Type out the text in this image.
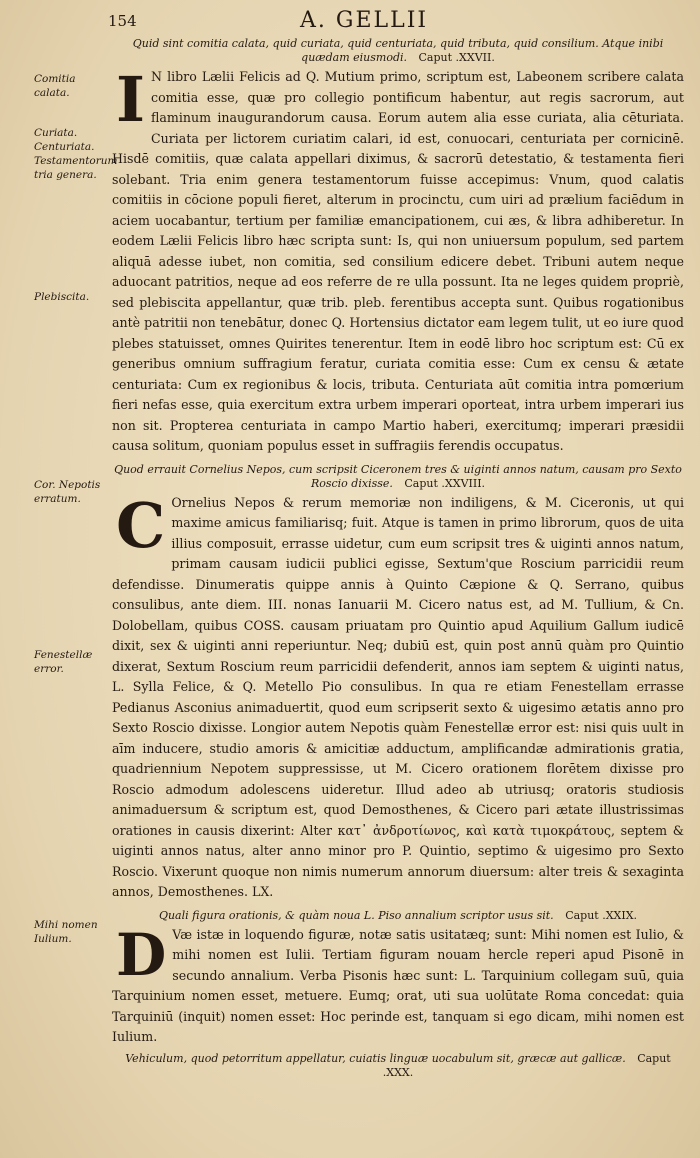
154	A. GELLII
Comitia calata.
Curiata. Centuriata. Testamentorum tria genera.
Plebiscita.
Cor. Nepotis erratum.
Fenestellæ error.
Mihi nomen Iulium.
Quid sint comitia calata, quid curiata, quid centuriata, quid tributa, quid consilium. Atque inibi quædam eiusmodi. Caput .XXVII.
I N libro Lælii Felicis ad Q. Mutium primo, scriptum est, Labeonem scribere calata comitia esse, quæ pro collegio pontificum habentur, aut regis sacrorum, aut flaminum inaugurandorum causa. Eorum autem alia esse curiata, alia cēturiata. Curiata per lictorem curiatim calari, id est, conuocari, centuriata per cornicinē. Hisdē comitiis, quæ calata appellari diximus, & sacrorū detestatio, & testamenta fieri solebant. Tria enim genera testamentorum fuisse accepimus: Vnum, quod calatis comitiis in cōcione populi fieret, alterum in procinctu, cum uiri ad prælium faciēdum in aciem uocabantur, tertium per familiæ emancipationem, cui æs, & libra adhiberetur. In eodem Lælii Felicis libro hæc scripta sunt: Is, qui non uniuersum populum, sed partem aliquā adesse iubet, non comitia, sed consilium edicere debet. Tribuni autem neque aduocant patritios, neque ad eos referre de re ulla possunt. Ita ne leges quidem propriè, sed plebiscita appellantur, quæ trib. pleb. ferentibus accepta sunt. Quibus rogationibus antè patritii non tenebātur, donec Q. Hortensius dictator eam legem tulit, ut eo iure quod plebes statuisset, omnes Quirites tenerentur. Item in eodē libro hoc scriptum est: Cū ex generibus omnium suffragium feratur, curiata comitia esse: Cum ex censu & ætate centuriata: Cum ex regionibus & locis, tributa. Centuriata aūt comitia intra pomœrium fieri nefas esse, quia exercitum extra urbem imperari oporteat, intra urbem imperari ius non sit. Propterea centuriata in campo Martio haberi, exercitumq; imperari præsidii causa solitum, quoniam populus esset in suffragiis ferendis occupatus.
Quod errauit Cornelius Nepos, cum scripsit Ciceronem tres & uiginti annos natum, causam pro Sexto Roscio dixisse. Caput .XXVIII.
C Ornelius Nepos & rerum memoriæ non indiligens, & M. Ciceronis, ut qui maxime amicus familiarisq; fuit. Atque is tamen in primo librorum, quos de uita illius composuit, errasse uidetur, cum eum scripsit tres & uiginti annos natum, primam causam iudicii publici egisse, Sextum'que Roscium parricidii reum defendisse. Dinumeratis quippe annis à Quinto Cæpione & Q. Serrano, quibus consulibus, ante diem. III. nonas Ianuarii M. Cicero natus est, ad M. Tullium, & Cn. Dolobellam, quibus COSS. causam priuatam pro Quintio apud Aquilium Gallum iudicē dixit, sex & uiginti anni reperiuntur. Neq; dubiū est, quin post annū quàm pro Quintio dixerat, Sextum Roscium reum parricidii defenderit, annos iam septem & uiginti natus, L. Sylla Felice, & Q. Metello Pio consulibus. In qua re etiam Fenestellam errasse Pedianus Asconius animaduertit, quod eum scripserit sexto & uigesimo ætatis anno pro Sexto Roscio dixisse. Longior autem Nepotis quàm Fenestellæ error est: nisi quis uult in aīm inducere, studio amoris & amicitiæ adductum, amplificandæ admirationis gratia, quadriennium Nepotem suppressisse, ut M. Cicero orationem florētem dixisse pro Roscio admodum adolescens uideretur. Illud adeo ab utriusq; oratoris studiosis animaduersum & scriptum est, quod Demosthenes, & Cicero pari ætate illustrissimas orationes in causis dixerint: Alter κατ᾽ ἀνδροτίωνος, καὶ κατὰ τιμοκράτους, septem & uiginti annos natus, alter anno minor pro P. Quintio, septimo & uigesimo pro Sexto Roscio. Vixerunt quoque non nimis numerum annorum diuersum: alter treis & sexaginta annos, Demosthenes. LX.
Quali figura orationis, & quàm noua L. Piso annalium scriptor usus sit. Caput .XXIX.
D Væ istæ in loquendo figuræ, notæ satis usitatæq; sunt: Mihi nomen est Iulio, & mihi nomen est Iulii. Tertiam figuram nouam hercle reperi apud Pisonē in secundo annalium. Verba Pisonis hæc sunt: L. Tarquinium collegam suū, quia Tarquinium nomen esset, metuere. Eumq; orat, uti sua uolūtate Roma concedat: quia Tarquiniū (inquit) nomen esset: Hoc perinde est, tanquam si ego dicam, mihi nomen est Iulium.
Vehiculum, quod petorritum appellatur, cuiatis linguæ uocabulum sit, græcæ aut gallicæ. Caput .XXX.
